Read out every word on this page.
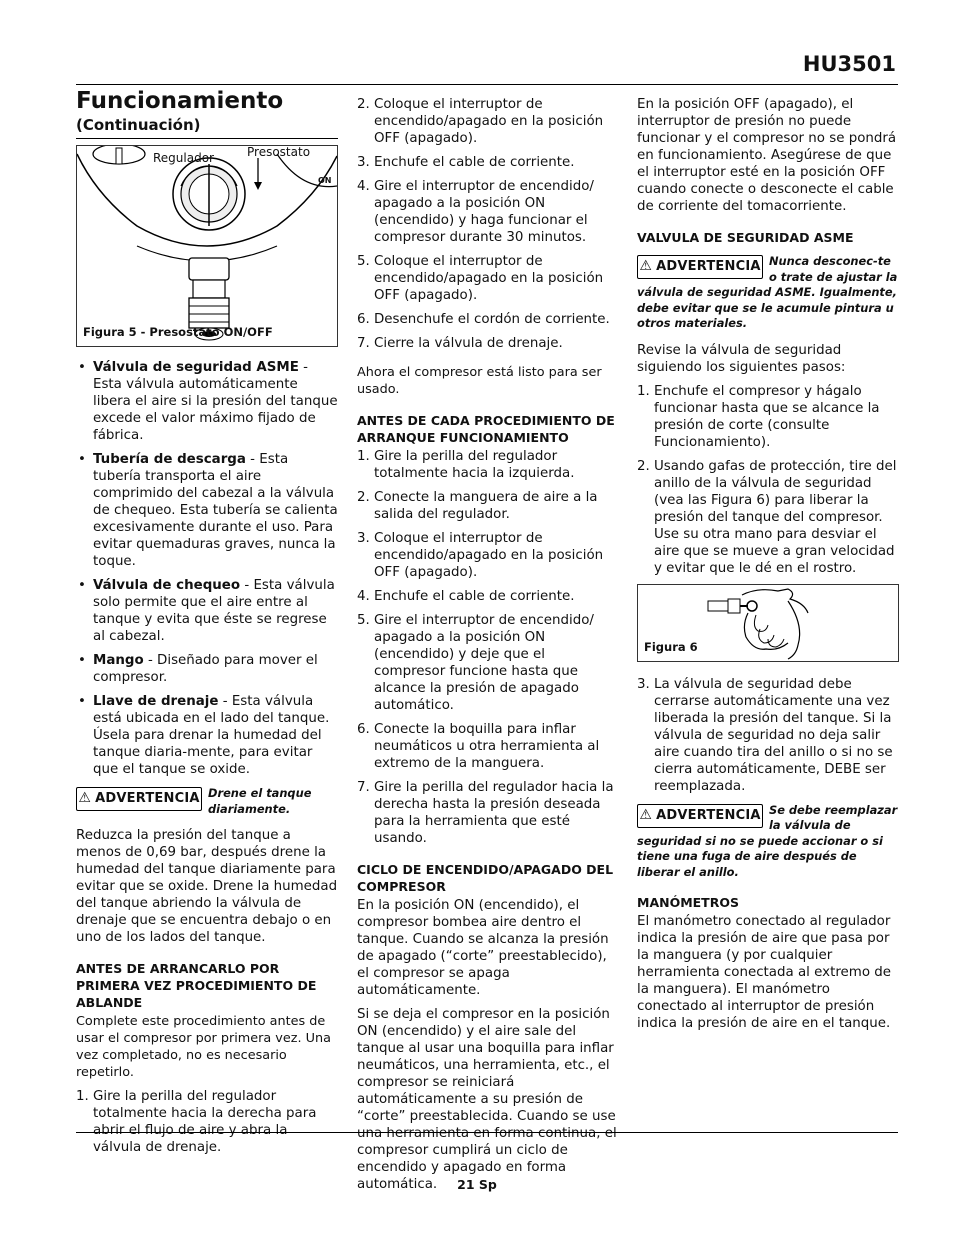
HU3501
Funcionamiento
(Continuación)
Regulador	Presostato
ON
Figura 5 - Presostato ON/OFF
• Válvula de seguridad ASME - Esta válvula automáticamente libera el aire si la presión del tanque excede el valor máximo fijado de fábrica.
• Tubería de descarga - Esta tubería transporta el aire comprimido del cabezal a la válvula de chequeo. Esta tubería se calienta excesivamente durante el uso. Para evitar quemaduras graves, nunca la toque.
• Válvula de chequeo - Esta válvula solo permite que el aire entre al tanque y evita que éste se regrese al cabezal.
• Mango - Diseñado para mover el compresor.
• Llave de drenaje - Esta válvula está ubicada en el lado del tanque. Úsela para drenar la humedad del tanque diaria-mente, para evitar que el tanque se oxide.
⚠ ADVERTENCIA Drene el tanque diariamente.

Reduzca la presión del tanque a menos de 0,69 bar, después drene la humedad del tanque diariamente para evitar que se oxide. Drene la humedad del tanque abriendo la válvula de drenaje que se encuentra debajo o en uno de los lados del tanque.

ANTES DE ARRANCARLO POR PRIMERA VEZ PROCEDIMIENTO DE ABLANDE

Complete este procedimiento antes de usar el compresor por primera vez. Una vez completado, no es necesario repetirlo.

1. Gire la perilla del regulador totalmente hacia la derecha para abrir el flujo de aire y abra la válvula de drenaje.
2. Coloque el interruptor de encendido/apagado en la posición OFF (apagado).
3. Enchufe el cable de corriente.
4. Gire el interruptor de encendido/ apagado a la posición ON (encendido) y haga funcionar el compresor durante 30 minutos.
5. Coloque el interruptor de encendido/apagado en la posición OFF (apagado).
6. Desenchufe el cordón de corriente.
7. Cierre la válvula de drenaje.

Ahora el compresor está listo para ser usado.

ANTES DE CADA PROCEDIMIENTO DE ARRANQUE FUNCIONAMIENTO
1. Gire la perilla del regulador totalmente hacia la izquierda.
2. Conecte la manguera de aire a la salida del regulador.
3. Coloque el interruptor de encendido/apagado en la posición OFF (apagado).
4. Enchufe el cable de corriente.
5. Gire el interruptor de encendido/ apagado a la posición ON (encendido) y deje que el compresor funcione hasta que alcance la presión de apagado automático.
6. Conecte la boquilla para inflar neumáticos u otra herramienta al extremo de la manguera.
7. Gire la perilla del regulador hacia la derecha hasta la presión deseada para la herramienta que esté usando.
CICLO DE ENCENDIDO/APAGADO DEL COMPRESOR

En la posición ON (encendido), el compresor bombea aire dentro el tanque. Cuando se alcanza la presión de apagado (“corte” preestablecido), el compresor se apaga automáticamente.

Si se deja el compresor en la posición ON (encendido) y el aire sale del tanque al usar una boquilla para inflar neumáticos, una herramienta, etc., el compresor se reiniciará automáticamente a su presión de “corte” preestablecida. Cuando se use una herramienta en forma continua, el compresor cumplirá un ciclo de encendido y apagado en forma automática.

En la posición OFF (apagado), el interruptor de presión no puede funcionar y el compresor no se pondrá en funcionamiento. Asegúrese de que el interruptor esté en la posición OFF cuando conecte o desconecte el cable de corriente del tomacorriente.

VALVULA DE SEGURIDAD ASME
⚠ ADVERTENCIA Nunca desconec-te o trate de ajustar la válvula de seguridad ASME. Igualmente, debe evitar que se le acumule pintura u otros materiales.

Revise la válvula de seguridad siguiendo los siguientes pasos:

1. Enchufe el compresor y hágalo funcionar hasta que se alcance la presión de corte (consulte Funcionamiento).
2. Usando gafas de protección, tire del anillo de la válvula de seguridad (vea las Figura 6) para liberar la presión del tanque del compresor. Use su otra mano para desviar el aire que se mueve a gran velocidad y evitar que le dé en el rostro.
Figura 6
3. La válvula de seguridad debe cerrarse automáticamente una vez liberada la presión del tanque. Si la válvula de seguridad no deja salir aire cuando tira del anillo o si no se cierra automáticamente, DEBE ser reemplazada.
⚠ ADVERTENCIA Se debe reemplazar la válvula de seguridad si no se puede accionar o si tiene una fuga de aire después de liberar el anillo.
MANÓMETROS

El manómetro conectado al regulador indica la presión de aire que pasa por la manguera (y por cualquier herramienta conectada al extremo de la manguera). El manómetro conectado al interruptor de presión indica la presión de aire en el tanque.

21 Sp
